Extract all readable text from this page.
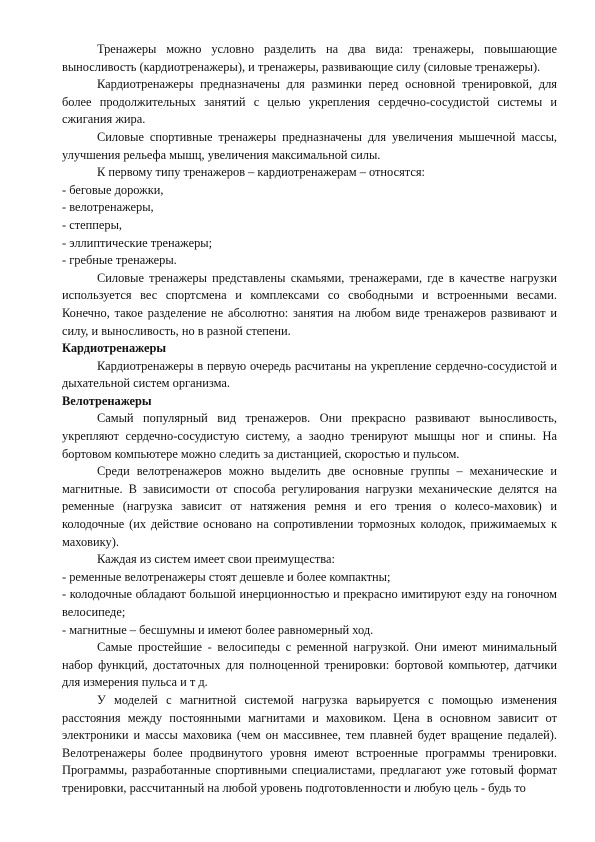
Тренажеры можно условно разделить на два вида: тренажеры, повышающие выносливость (кардиотренажеры), и тренажеры, развивающие силу (силовые тренажеры).

Кардиотренажеры предназначены для разминки перед основной тренировкой, для более продолжительных занятий с целью укрепления сердечно-сосудистой системы и сжигания жира.

Силовые спортивные тренажеры предназначены для увеличения мышечной массы, улучшения рельефа мышц, увеличения максимальной силы.

К первому типу тренажеров – кардиотренажерам – относятся:

- беговые дорожки,

- велотренажеры,

- степперы,

- эллиптические тренажеры;

- гребные тренажеры.

Силовые тренажеры представлены скамьями, тренажерами, где в качестве нагрузки используется вес спортсмена и комплексами со свободными и встроенными весами. Конечно, такое разделение не абсолютно: занятия на любом виде тренажеров развивают и силу, и выносливость, но в разной степени.

Кардиотренажеры

Кардиотренажеры в первую очередь расчитаны на укрепление сердечно-сосудистой и дыхательной систем организма.

Велотренажеры

Самый популярный вид тренажеров. Они прекрасно развивают выносливость, укрепляют сердечно-сосудистую систему, а заодно тренируют мышцы ног и спины. На бортовом компьютере можно следить за дистанцией, скоростью и пульсом.

Среди велотренажеров можно выделить две основные группы – механические и магнитные. В зависимости от способа регулирования нагрузки механические делятся на ременные (нагрузка зависит от натяжения ремня и его трения о колесо-маховик) и колодочные (их действие основано на сопротивлении тормозных колодок, прижимаемых к маховику).

Каждая из систем имеет свои преимущества:

- ременные велотренажеры стоят дешевле и более компактны;

- колодочные обладают большой инерционностью и прекрасно имитируют езду на гоночном велосипеде;

- магнитные – бесшумны и имеют более равномерный ход.

Самые простейшие - велосипеды с ременной нагрузкой. Они имеют минимальный набор функций, достаточных для полноценной тренировки: бортовой компьютер, датчики для измерения пульса и т д.

У моделей с магнитной системой нагрузка варьируется с помощью изменения расстояния между постоянными магнитами и маховиком. Цена в основном зависит от электроники и массы маховика (чем он массивнее, тем плавней будет вращение педалей). Велотренажеры более продвинутого уровня имеют встроенные программы тренировки. Программы, разработанные спортивными специалистами, предлагают уже готовый формат тренировки, рассчитанный на любой уровень подготовленности и любую цель - будь то
